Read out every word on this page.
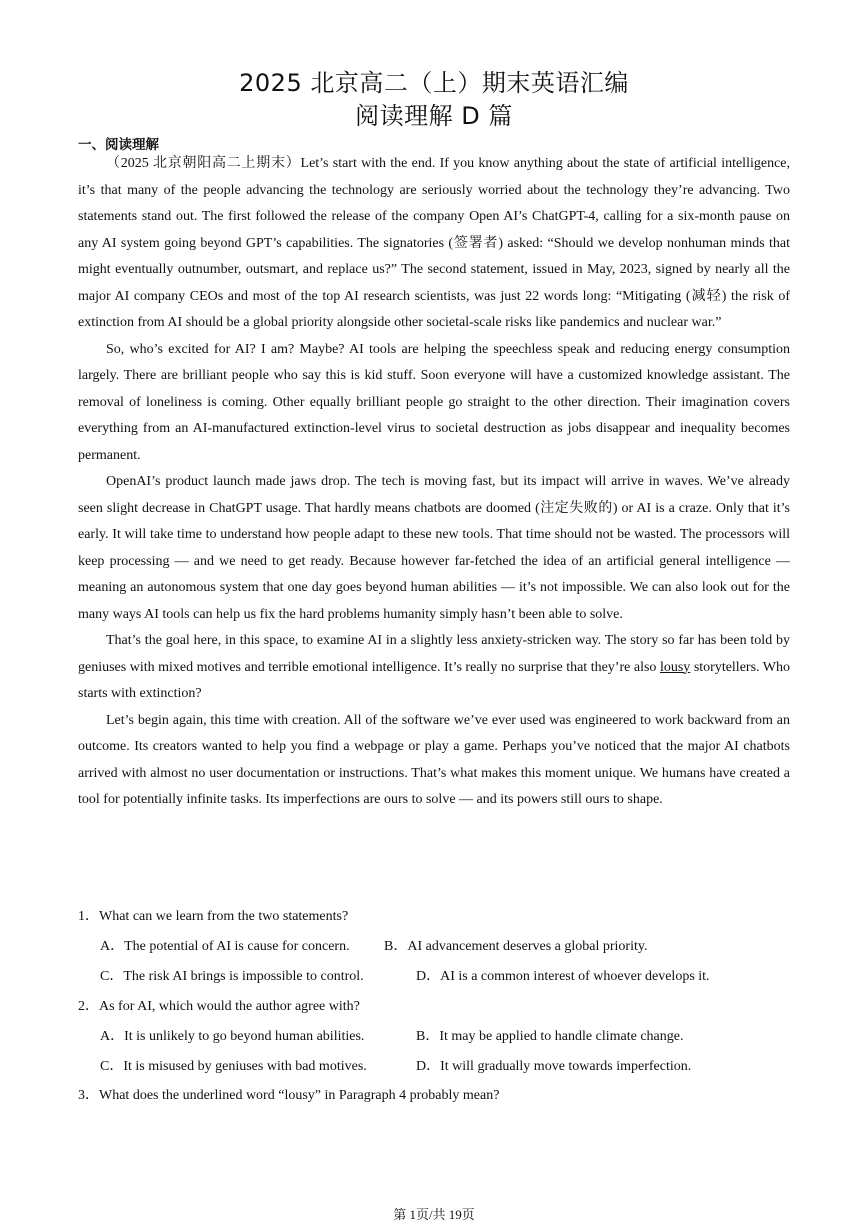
2025 北京高二（上）期末英语汇编
阅读理解 D 篇
一、阅读理解

（2025 北京朝阳高二上期末）Let’s start with the end. If you know anything about the state of artificial intelligence, it’s that many of the people advancing the technology are seriously worried about the technology they’re advancing. Two statements stand out. The first followed the release of the company Open AI’s ChatGPT-4, calling for a six-month pause on any AI system going beyond GPT’s capabilities. The signatories (签署者) asked: “Should we develop nonhuman minds that might eventually outnumber, outsmart, and replace us?” The second statement, issued in May, 2023, signed by nearly all the major AI company CEOs and most of the top AI research scientists, was just 22 words long: “Mitigating (减轻) the risk of extinction from AI should be a global priority alongside other societal-scale risks like pandemics and nuclear war.”

So, who’s excited for AI? I am? Maybe? AI tools are helping the speechless speak and reducing energy consumption largely. There are brilliant people who say this is kid stuff. Soon everyone will have a customized knowledge assistant. The removal of loneliness is coming. Other equally brilliant people go straight to the other direction. Their imagination covers everything from an AI-manufactured extinction-level virus to societal destruction as jobs disappear and inequality becomes permanent.

OpenAI’s product launch made jaws drop. The tech is moving fast, but its impact will arrive in waves. We’ve already seen slight decrease in ChatGPT usage. That hardly means chatbots are doomed (注定失败的) or AI is a craze. Only that it’s early. It will take time to understand how people adapt to these new tools. That time should not be wasted. The processors will keep processing — and we need to get ready. Because however far-fetched the idea of an artificial general intelligence — meaning an autonomous system that one day goes beyond human abilities — it’s not impossible. We can also look out for the many ways AI tools can help us fix the hard problems humanity simply hasn’t been able to solve.

That’s the goal here, in this space, to examine AI in a slightly less anxiety-stricken way. The story so far has been told by geniuses with mixed motives and terrible emotional intelligence. It’s really no surprise that they’re also lousy storytellers. Who starts with extinction?

Let’s begin again, this time with creation. All of the software we’ve ever used was engineered to work backward from an outcome. Its creators wanted to help you find a webpage or play a game. Perhaps you’ve noticed that the major AI chatbots arrived with almost no user documentation or instructions. That’s what makes this moment unique. We humans have created a tool for potentially infinite tasks. Its imperfections are ours to solve — and its powers still ours to shape.

1．What can we learn from the two statements?
A．The potential of AI is cause for concern. B．AI advancement deserves a global priority.
C．The risk AI brings is impossible to control.	D．AI is a common interest of whoever develops it.
2．As for AI, which would the author agree with?
A．It is unlikely to go beyond human abilities.	B．It may be applied to handle climate change.
C．It is misused by geniuses with bad motives.	D．It will gradually move towards imperfection.
3．What does the underlined word “lousy” in Paragraph 4 probably mean?
第 1页/共 19页
